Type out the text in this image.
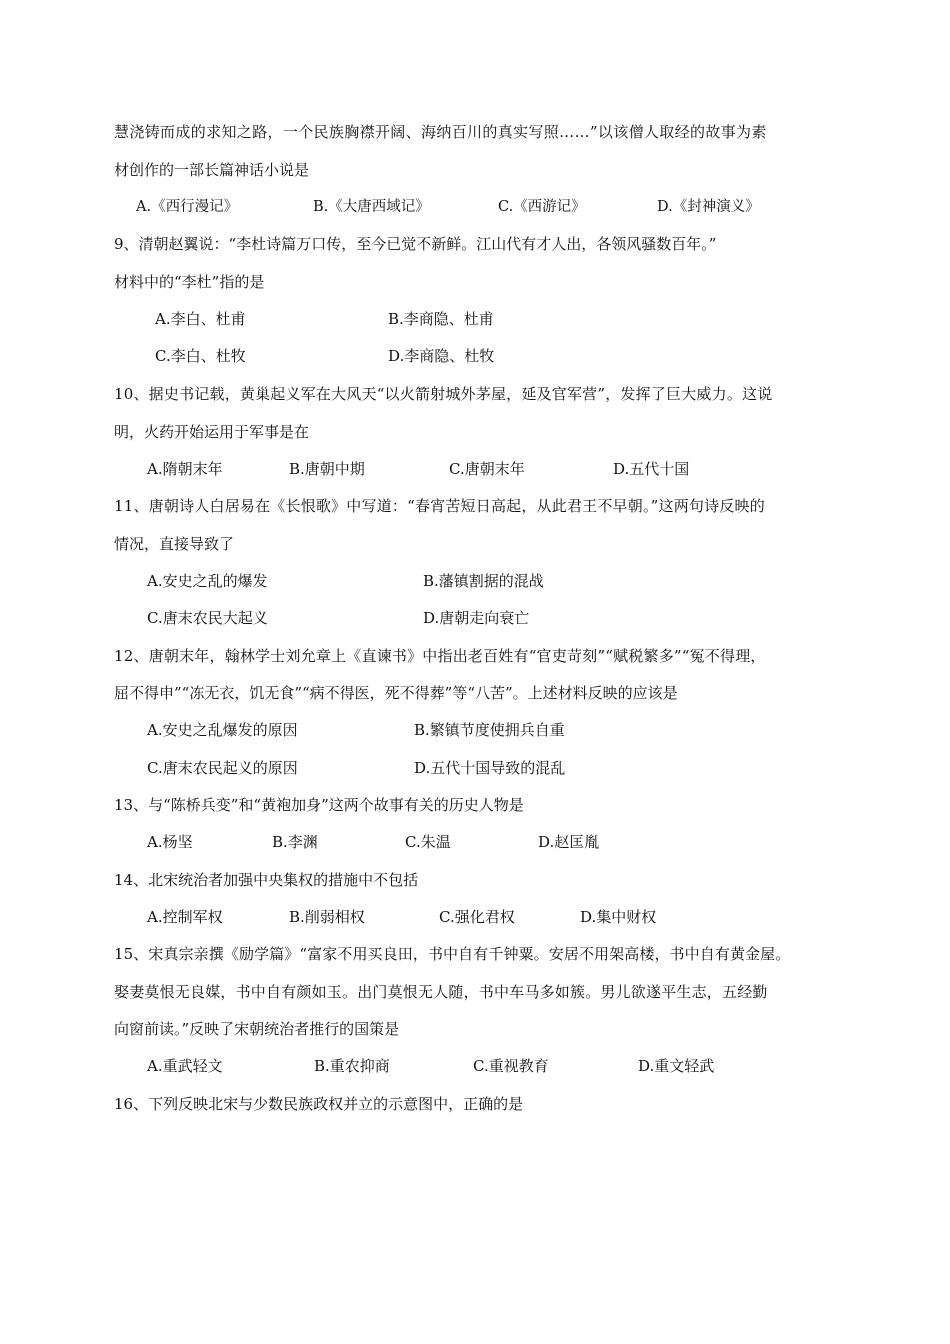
慧浇铸而成的求知之路，一个民族胸襟开阔、海纳百川的真实写照……”以该僧人取经的故事为素
材创作的一部长篇神话小说是
A.《西行漫记》	B.《大唐西域记》	C.《西游记》	D.《封神演义》
9、清朝赵翼说：“李杜诗篇万口传，至今已觉不新鲜。江山代有才人出，各领风骚数百年。”
材料中的“李杜”指的是
A.李白、杜甫	B.李商隐、杜甫
C.李白、杜牧	D.李商隐、杜牧
10、据史书记载，黄巢起义军在大风天“以火箭射城外茅屋，延及官军营”，发挥了巨大威力。这说
明，火药开始运用于军事是在
A.隋朝末年	B.唐朝中期	C.唐朝末年	D.五代十国
11、唐朝诗人白居易在《长恨歌》中写道：“春宵苦短日高起，从此君王不早朝。”这两句诗反映的
情况，直接导致了
A.安史之乱的爆发	B.藩镇割据的混战
C.唐末农民大起义	D.唐朝走向衰亡
12、唐朝末年，翰林学士刘允章上《直谏书》中指出老百姓有“官吏苛刻”“赋税繁多”“冤不得理，
屈不得申”“冻无衣，饥无食”“病不得医，死不得葬”等“八苦”。上述材料反映的应该是
A.安史之乱爆发的原因	B.繁镇节度使拥兵自重
C.唐末农民起义的原因	D.五代十国导致的混乱
13、与“陈桥兵变”和“黄袍加身”这两个故事有关的历史人物是
A.杨坚	B.李渊	C.朱温	D.赵匡胤
14、北宋统治者加强中央集权的措施中不包括
A.控制军权	B.削弱相权	C.强化君权	D.集中财权
15、宋真宗亲撰《励学篇》“富家不用买良田，书中自有千钟粟。安居不用架高楼，书中自有黄金屋。
娶妻莫恨无良媒，书中自有颜如玉。出门莫恨无人随，书中车马多如簇。男儿欲遂平生志，五经勤
向窗前读。”反映了宋朝统治者推行的国策是
A.重武轻文	B.重农抑商	C.重视教育	D.重文轻武
16、下列反映北宋与少数民族政权并立的示意图中，正确的是
